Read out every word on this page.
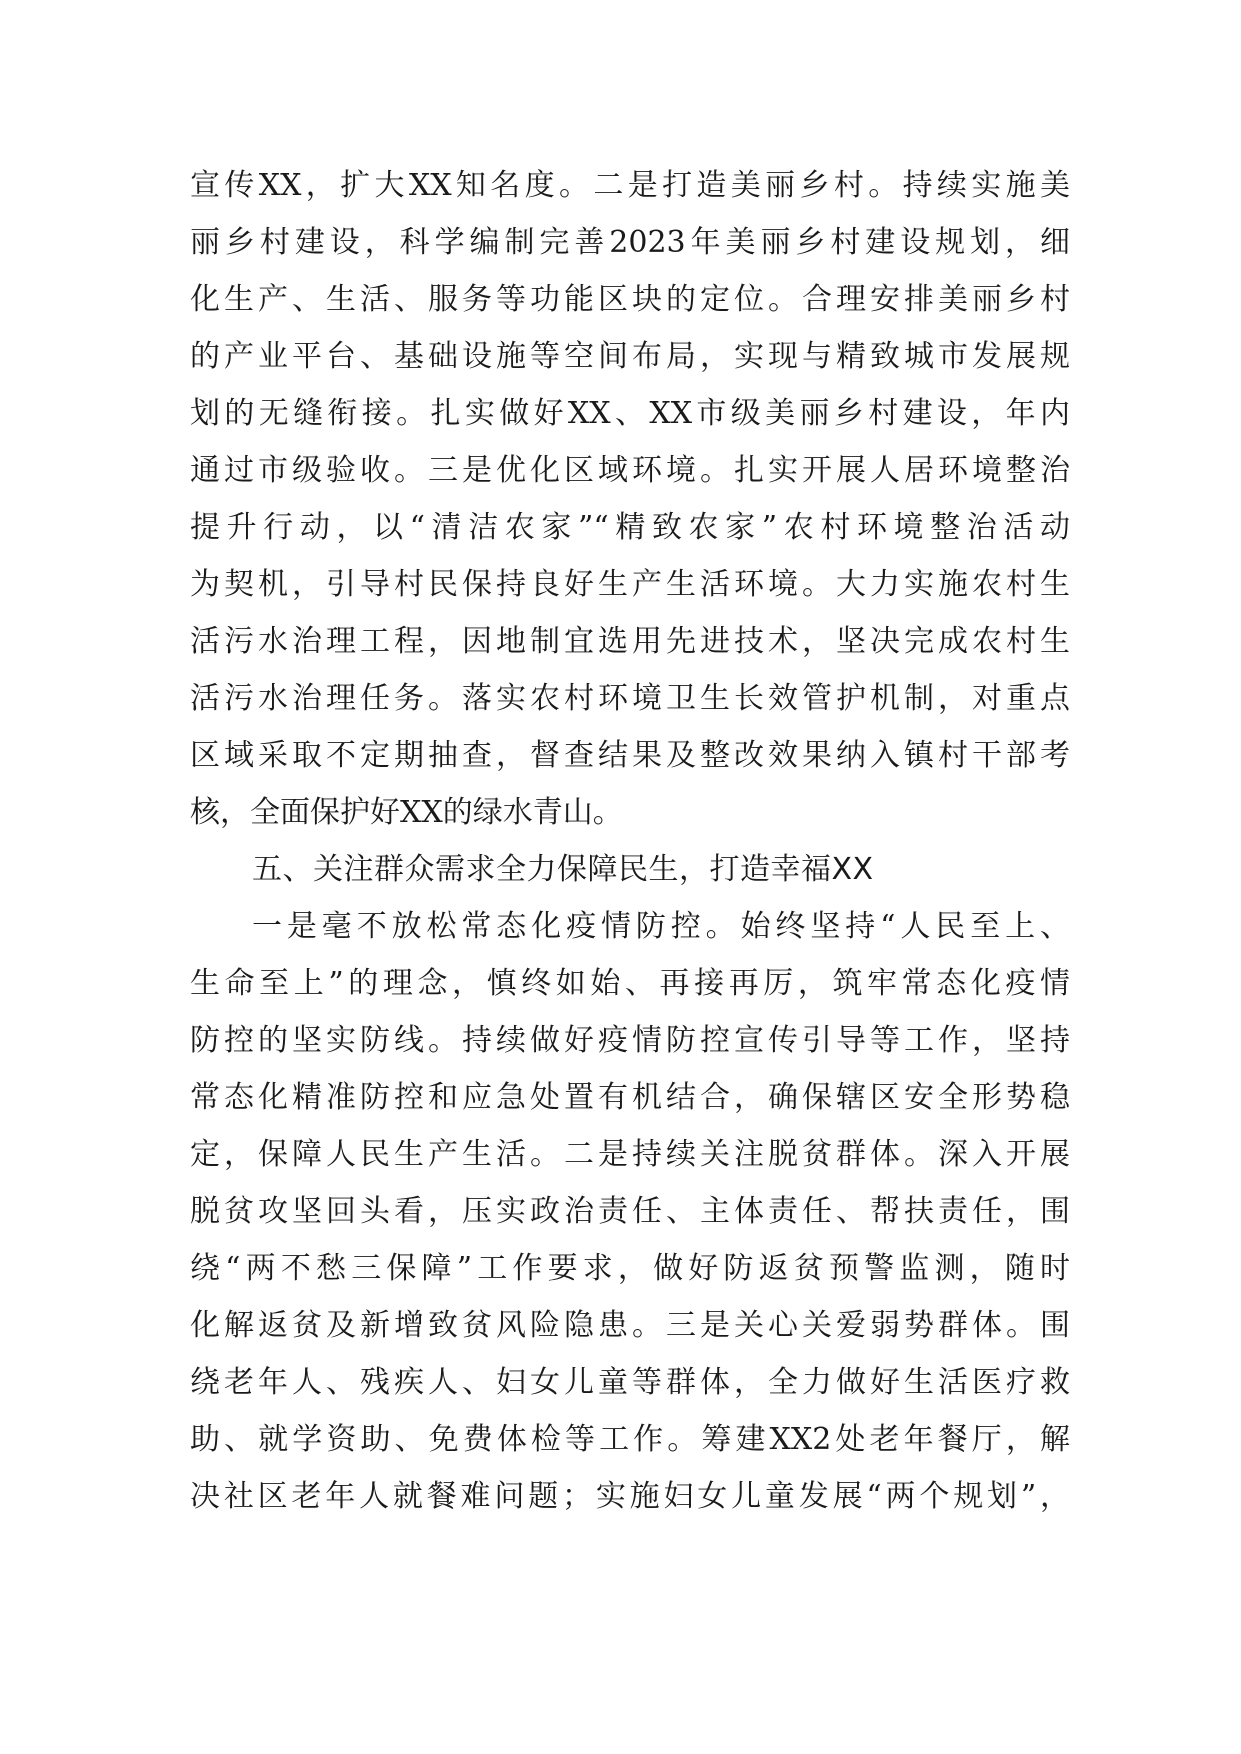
宣传XX，扩大XX知名度。二是打造美丽乡村。持续实施美
丽乡村建设，科学编制完善2023年美丽乡村建设规划，细
化生产、生活、服务等功能区块的定位。合理安排美丽乡村
的产业平台、基础设施等空间布局，实现与精致城市发展规
划的无缝衔接。扎实做好XX、XX市级美丽乡村建设，年内
通过市级验收。三是优化区域环境。扎实开展人居环境整治
提升行动，以“清洁农家”“精致农家”农村环境整治活动
为契机，引导村民保持良好生产生活环境。大力实施农村生
活污水治理工程，因地制宜选用先进技术，坚决完成农村生
活污水治理任务。落实农村环境卫生长效管护机制，对重点
区域采取不定期抽查，督查结果及整改效果纳入镇村干部考
核，全面保护好XX的绿水青山。
五、关注群众需求全力保障民生，打造幸福XX
一是毫不放松常态化疫情防控。始终坚持“人民至上、
生命至上”的理念，慎终如始、再接再厉，筑牢常态化疫情
防控的坚实防线。持续做好疫情防控宣传引导等工作，坚持
常态化精准防控和应急处置有机结合，确保辖区安全形势稳
定，保障人民生产生活。二是持续关注脱贫群体。深入开展
脱贫攻坚回头看，压实政治责任、主体责任、帮扶责任，围
绕“两不愁三保障”工作要求，做好防返贫预警监测，随时
化解返贫及新增致贫风险隐患。三是关心关爱弱势群体。围
绕老年人、残疾人、妇女儿童等群体，全力做好生活医疗救
助、就学资助、免费体检等工作。筹建XX2处老年餐厅，解
决社区老年人就餐难问题；实施妇女儿童发展“两个规划”，
